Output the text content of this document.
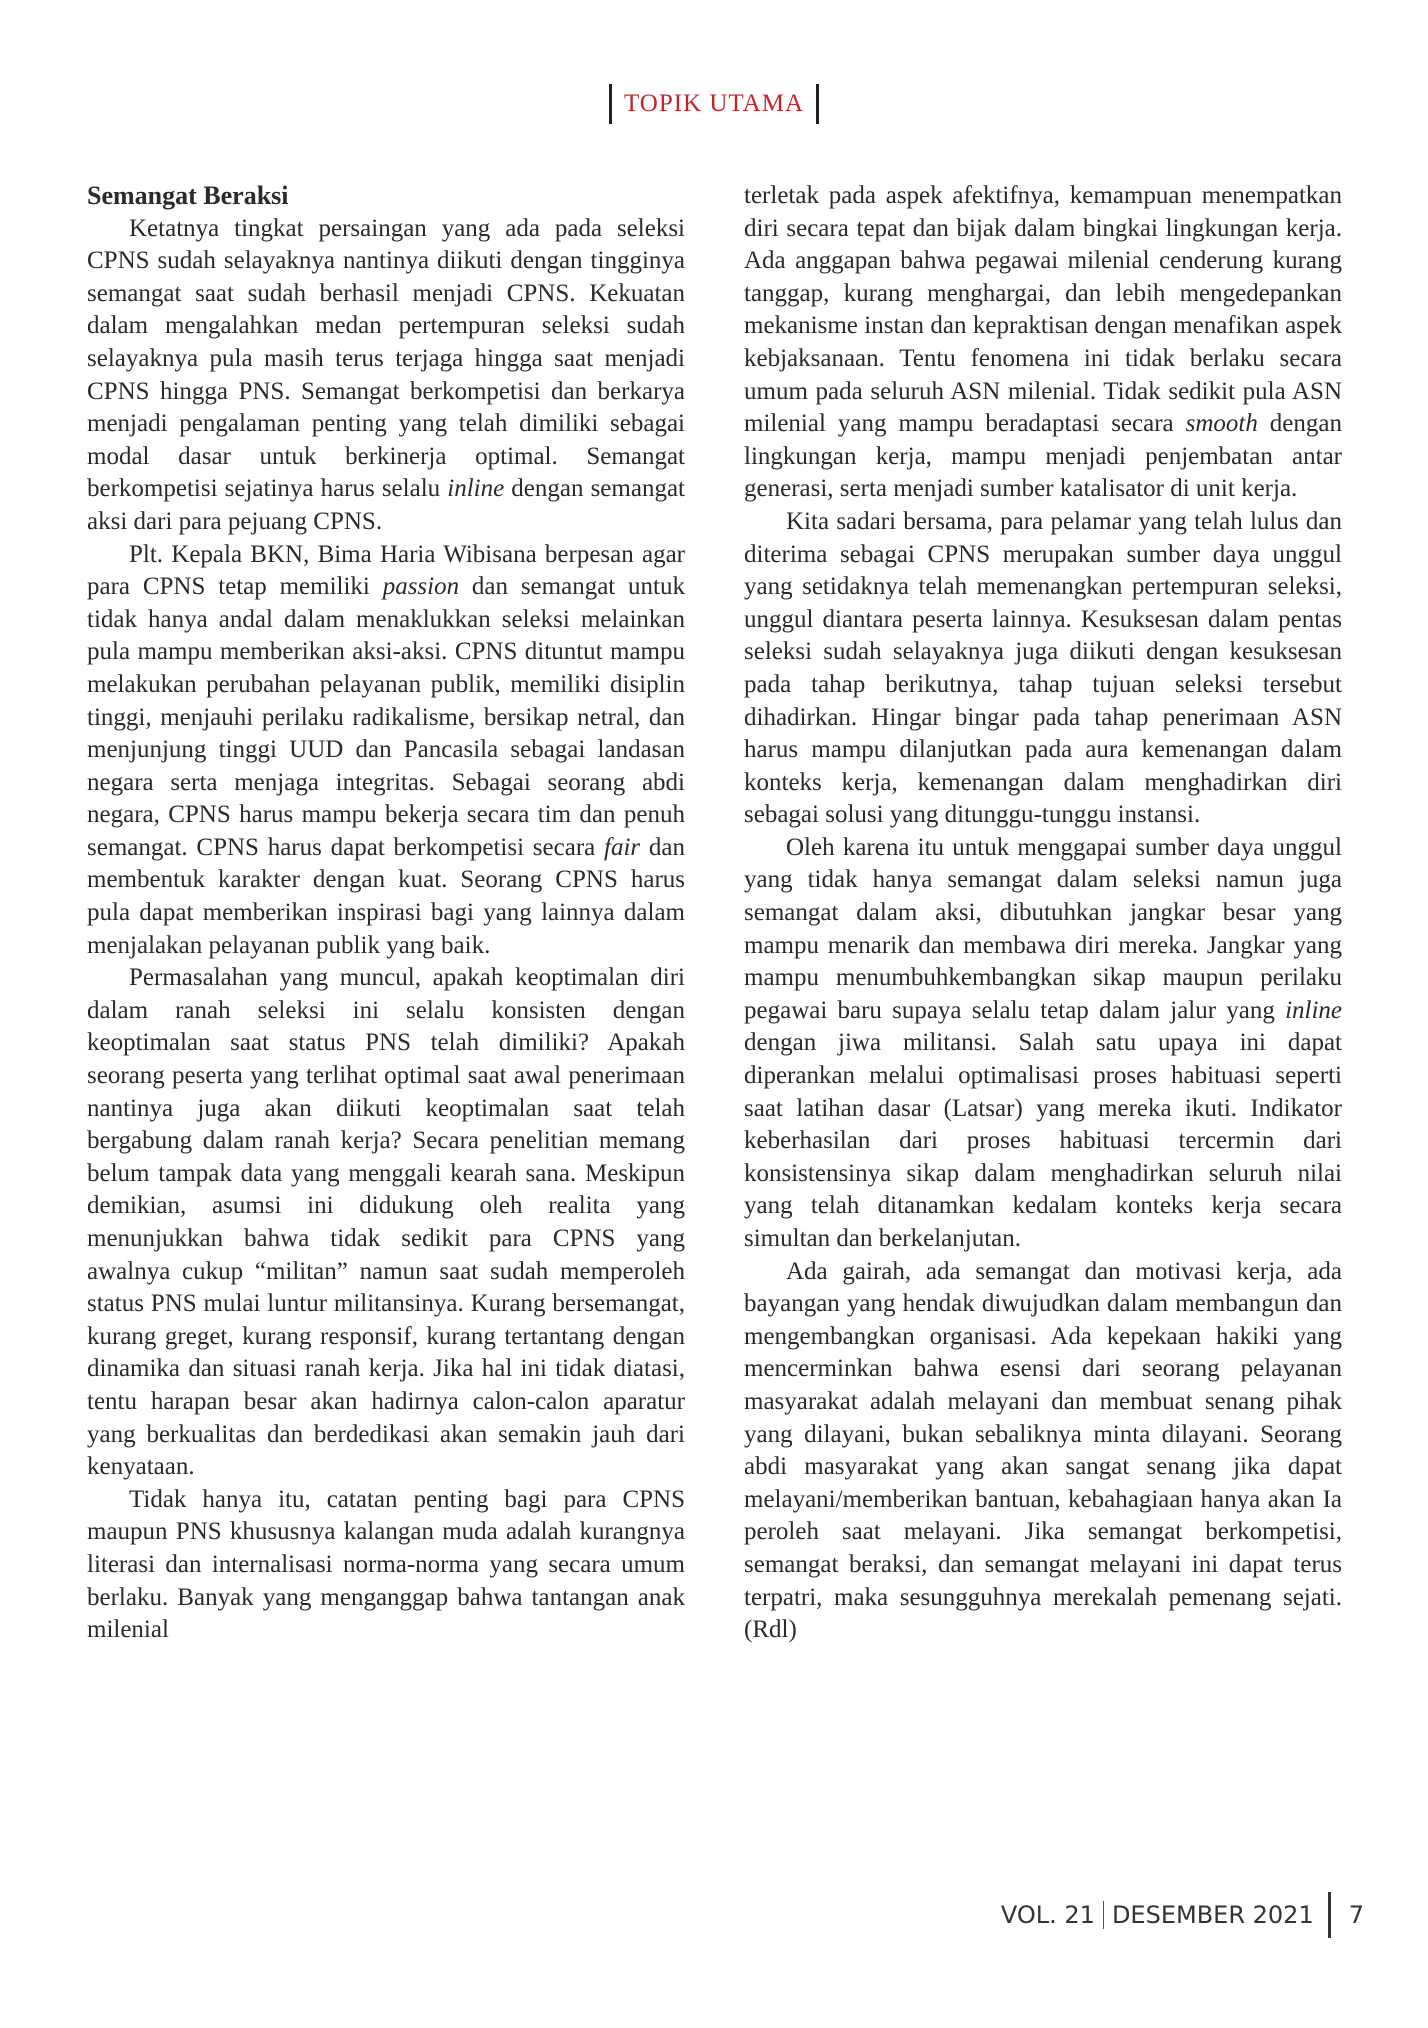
TOPIK UTAMA
Semangat Beraksi

Ketatnya tingkat persaingan yang ada pada seleksi CPNS sudah selayaknya nantinya diikuti dengan tingginya semangat saat sudah berhasil menjadi CPNS. Kekuatan dalam mengalahkan medan pertempuran seleksi sudah selayaknya pula masih terus terjaga hingga saat menjadi CPNS hingga PNS. Semangat berkompetisi dan berkarya menjadi pengalaman penting yang telah dimiliki sebagai modal dasar untuk berkinerja optimal. Semangat berkompetisi sejatinya harus selalu inline dengan semangat aksi dari para pejuang CPNS.

Plt. Kepala BKN, Bima Haria Wibisana berpesan agar para CPNS tetap memiliki passion dan semangat untuk tidak hanya andal dalam menaklukkan seleksi melainkan pula mampu memberikan aksi-aksi. CPNS dituntut mampu melakukan perubahan pelayanan publik, memiliki disiplin tinggi, menjauhi perilaku radikalisme, bersikap netral, dan menjunjung tinggi UUD dan Pancasila sebagai landasan negara serta menjaga integritas. Sebagai seorang abdi negara, CPNS harus mampu bekerja secara tim dan penuh semangat. CPNS harus dapat berkompetisi secara fair dan membentuk karakter dengan kuat. Seorang CPNS harus pula dapat memberikan inspirasi bagi yang lainnya dalam menjalakan pelayanan publik yang baik.

Permasalahan yang muncul, apakah keoptimalan diri dalam ranah seleksi ini selalu konsisten dengan keoptimalan saat status PNS telah dimiliki? Apakah seorang peserta yang terlihat optimal saat awal penerimaan nantinya juga akan diikuti keoptimalan saat telah bergabung dalam ranah kerja? Secara penelitian memang belum tampak data yang menggali kearah sana. Meskipun demikian, asumsi ini didukung oleh realita yang menunjukkan bahwa tidak sedikit para CPNS yang awalnya cukup “militan” namun saat sudah memperoleh status PNS mulai luntur militansinya. Kurang bersemangat, kurang greget, kurang responsif, kurang tertantang dengan dinamika dan situasi ranah kerja. Jika hal ini tidak diatasi, tentu harapan besar akan hadirnya calon-calon aparatur yang berkualitas dan berdedikasi akan semakin jauh dari kenyataan.

Tidak hanya itu, catatan penting bagi para CPNS maupun PNS khususnya kalangan muda adalah kurangnya literasi dan internalisasi norma-norma yang secara umum berlaku. Banyak yang menganggap bahwa tantangan anak milenial

terletak pada aspek afektifnya, kemampuan menempatkan diri secara tepat dan bijak dalam bingkai lingkungan kerja. Ada anggapan bahwa pegawai milenial cenderung kurang tanggap, kurang menghargai, dan lebih mengedepankan mekanisme instan dan kepraktisan dengan menafikan aspek kebjaksanaan. Tentu fenomena ini tidak berlaku secara umum pada seluruh ASN milenial. Tidak sedikit pula ASN milenial yang mampu beradaptasi secara smooth dengan lingkungan kerja, mampu menjadi penjembatan antar generasi, serta menjadi sumber katalisator di unit kerja.

Kita sadari bersama, para pelamar yang telah lulus dan diterima sebagai CPNS merupakan sumber daya unggul yang setidaknya telah memenangkan pertempuran seleksi, unggul diantara peserta lainnya. Kesuksesan dalam pentas seleksi sudah selayaknya juga diikuti dengan kesuksesan pada tahap berikutnya, tahap tujuan seleksi tersebut dihadirkan. Hingar bingar pada tahap penerimaan ASN harus mampu dilanjutkan pada aura kemenangan dalam konteks kerja, kemenangan dalam menghadirkan diri sebagai solusi yang ditunggu-tunggu instansi.

Oleh karena itu untuk menggapai sumber daya unggul yang tidak hanya semangat dalam seleksi namun juga semangat dalam aksi, dibutuhkan jangkar besar yang mampu menarik dan membawa diri mereka. Jangkar yang mampu menumbuhkembangkan sikap maupun perilaku pegawai baru supaya selalu tetap dalam jalur yang inline dengan jiwa militansi. Salah satu upaya ini dapat diperankan melalui optimalisasi proses habituasi seperti saat latihan dasar (Latsar) yang mereka ikuti. Indikator keberhasilan dari proses habituasi tercermin dari konsistensinya sikap dalam menghadirkan seluruh nilai yang telah ditanamkan kedalam konteks kerja secara simultan dan berkelanjutan.

Ada gairah, ada semangat dan motivasi kerja, ada bayangan yang hendak diwujudkan dalam membangun dan mengembangkan organisasi. Ada kepekaan hakiki yang mencerminkan bahwa esensi dari seorang pelayanan masyarakat adalah melayani dan membuat senang pihak yang dilayani, bukan sebaliknya minta dilayani. Seorang abdi masyarakat yang akan sangat senang jika dapat melayani/memberikan bantuan, kebahagiaan hanya akan Ia peroleh saat melayani. Jika semangat berkompetisi, semangat beraksi, dan semangat melayani ini dapat terus terpatri, maka sesungguhnya merekalah pemenang sejati. (Rdl)

VOL. 21 DESEMBER 2021 7
